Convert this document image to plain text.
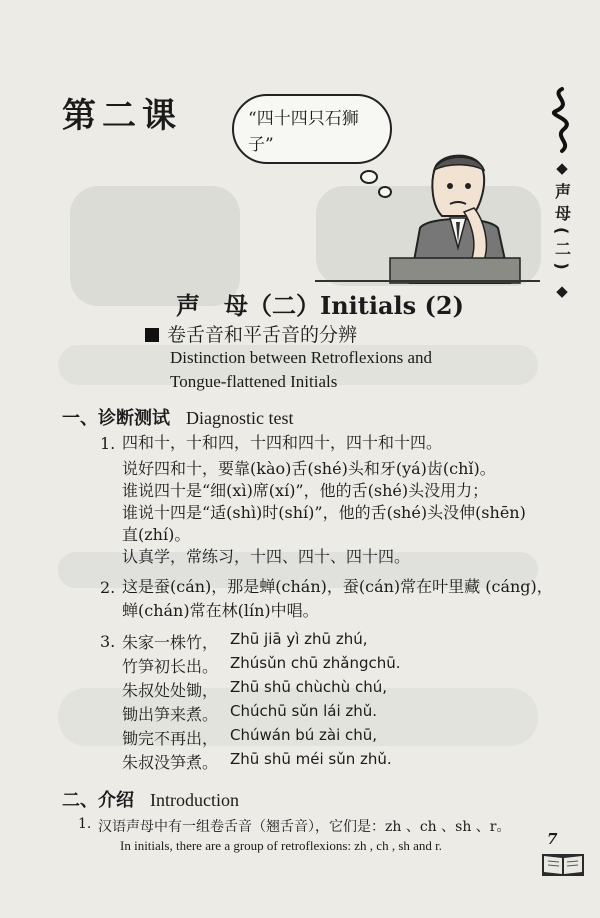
第二课	“四十四只石狮子”
◆
声母(二)
◆
声　母（二）Initials (2)
卷舌音和平舌音的分辨
Distinction between Retroflexions and
Tongue-flattened Initials
一、诊断测试 Diagnostic test
1. 四和十，十和四，十四和四十，四十和十四。
说好四和十，要靠(kào)舌(shé)头和牙(yá)齿(chǐ)。
谁说四十是“细(xì)席(xí)”，他的舌(shé)头没用力；
谁说十四是“适(shì)时(shí)”，他的舌(shé)头没伸(shēn)
直(zhí)。
认真学，常练习，十四、四十、四十四。
2. 这是蚕(cán)，那是蝉(chán)，蚕(cán)常在叶里藏 (cáng)，
蝉(chán)常在林(lín)中唱。
3. 朱家一株竹， Zhū jiā yì zhū zhú,
竹笋初长出。 Zhúsǔn chū zhǎngchū.
朱叔处处锄， Zhū shū chùchù chú,
锄出笋来煮。 Chúchū sǔn lái zhǔ.
锄完不再出， Chúwán bú zài chū,
朱叔没笋煮。 Zhū shū méi sǔn zhǔ.
二、介绍 Introduction
1. 汉语声母中有一组卷舌音（翘舌音），它们是：zh 、ch 、sh 、r。
In initials, there are a group of retroflexions: zh , ch , sh and r.	7
